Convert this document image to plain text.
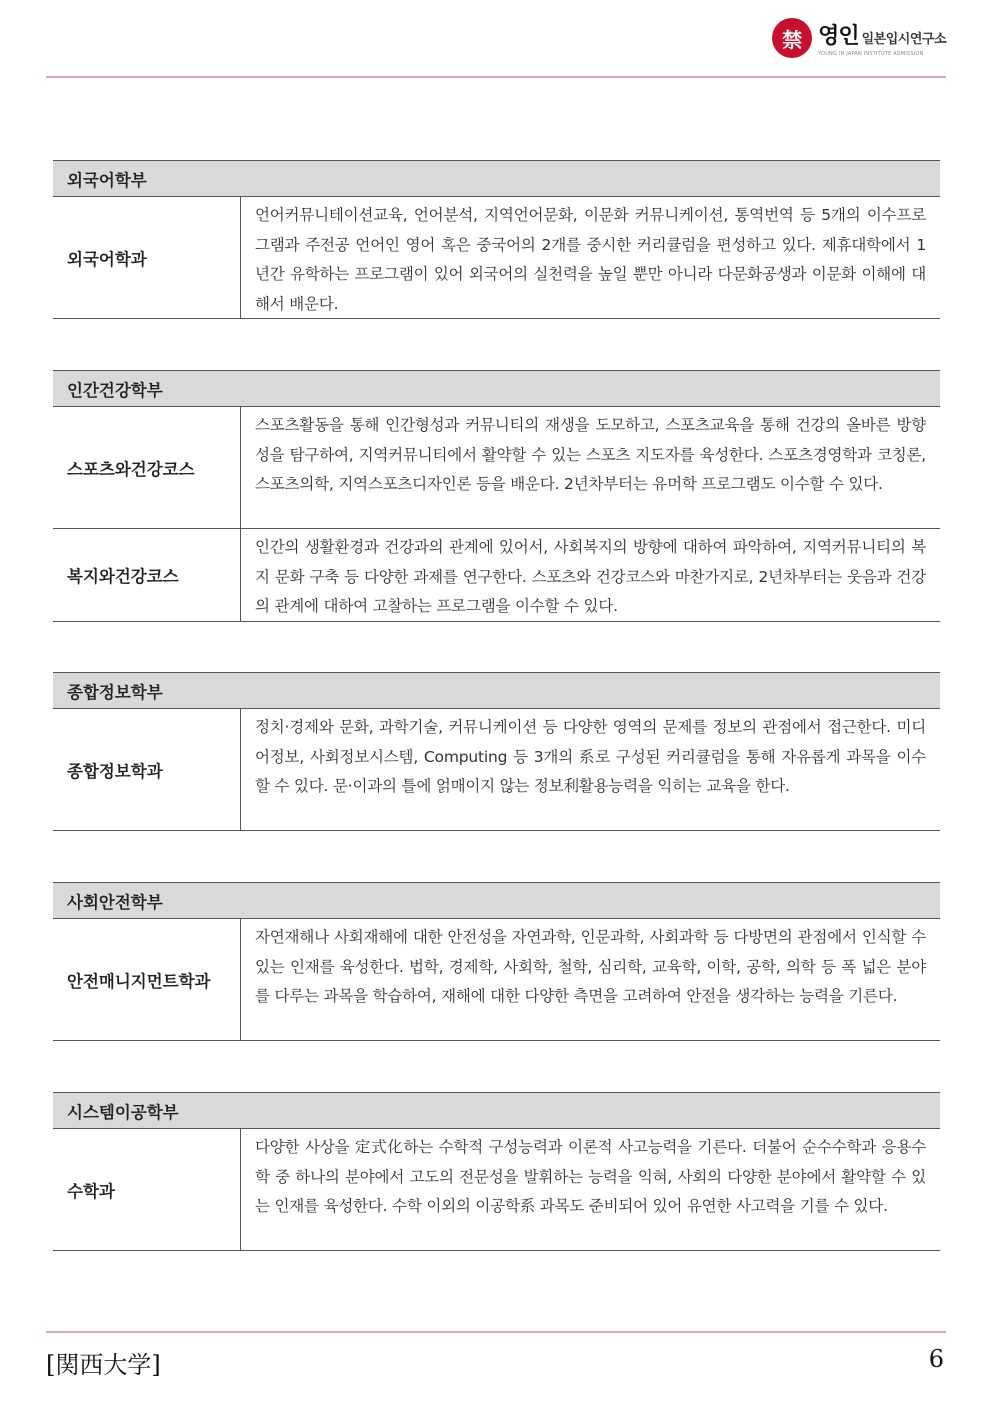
禁 영인 일본입시연구소
YOUNG IN JAPAN INSTITUTE ADMISSION
외국어학부
외국어학과
언어커뮤니테이션교육, 언어분석, 지역언어문화, 이문화 커뮤니케이션, 통역번역 등 5개의 이수프로그램과 주전공 언어인 영어 혹은 중국어의 2개를 중시한 커리큘럼을 편성하고 있다. 제휴대학에서 1년간 유학하는 프로그램이 있어 외국어의 실천력을 높일 뿐만 아니라 다문화공생과 이문화 이해에 대해서 배운다.
인간건강학부
스포츠와건강코스
스포츠활동을 통해 인간형성과 커뮤니티의 재생을 도모하고, 스포츠교육을 통해 건강의 올바른 방향성을 탐구하여, 지역커뮤니티에서 활약할 수 있는 스포츠 지도자를 육성한다. 스포츠경영학과 코칭론, 스포츠의학, 지역스포츠디자인론 등을 배운다. 2년차부터는 유머학 프로그램도 이수할 수 있다.
복지와건강코스
인간의 생활환경과 건강과의 관계에 있어서, 사회복지의 방향에 대하여 파악하여, 지역커뮤니티의 복지 문화 구축 등 다양한 과제를 연구한다. 스포츠와 건강코스와 마찬가지로, 2년차부터는 웃음과 건강의 관계에 대하여 고찰하는 프로그램을 이수할 수 있다.
종합정보학부
종합정보학과
정치·경제와 문화, 과학기술, 커뮤니케이션 등 다양한 영역의 문제를 정보의 관점에서 접근한다. 미디어정보, 사회정보시스템, Computing 등 3개의 系로 구성된 커리큘럼을 통해 자유롭게 과목을 이수할 수 있다. 문·이과의 틀에 얽매이지 않는 정보利활용능력을 익히는 교육을 한다.
사회안전학부
안전매니지먼트학과
자연재해나 사회재해에 대한 안전성을 자연과학, 인문과학, 사회과학 등 다방면의 관점에서 인식할 수 있는 인재를 육성한다. 법학, 경제학, 사회학, 철학, 심리학, 교육학, 이학, 공학, 의학 등 폭 넓은 분야를 다루는 과목을 학습하여, 재해에 대한 다양한 측면을 고려하여 안전을 생각하는 능력을 기른다.
시스템이공학부
수학과
다양한 사상을 定式化하는 수학적 구성능력과 이론적 사고능력을 기른다. 더불어 순수수학과 응용수학 중 하나의 분야에서 고도의 전문성을 발휘하는 능력을 익혀, 사회의 다양한 분야에서 활약할 수 있는 인재를 육성한다. 수학 이외의 이공학系 과목도 준비되어 있어 유연한 사고력을 기를 수 있다.
[関西大学]	6
